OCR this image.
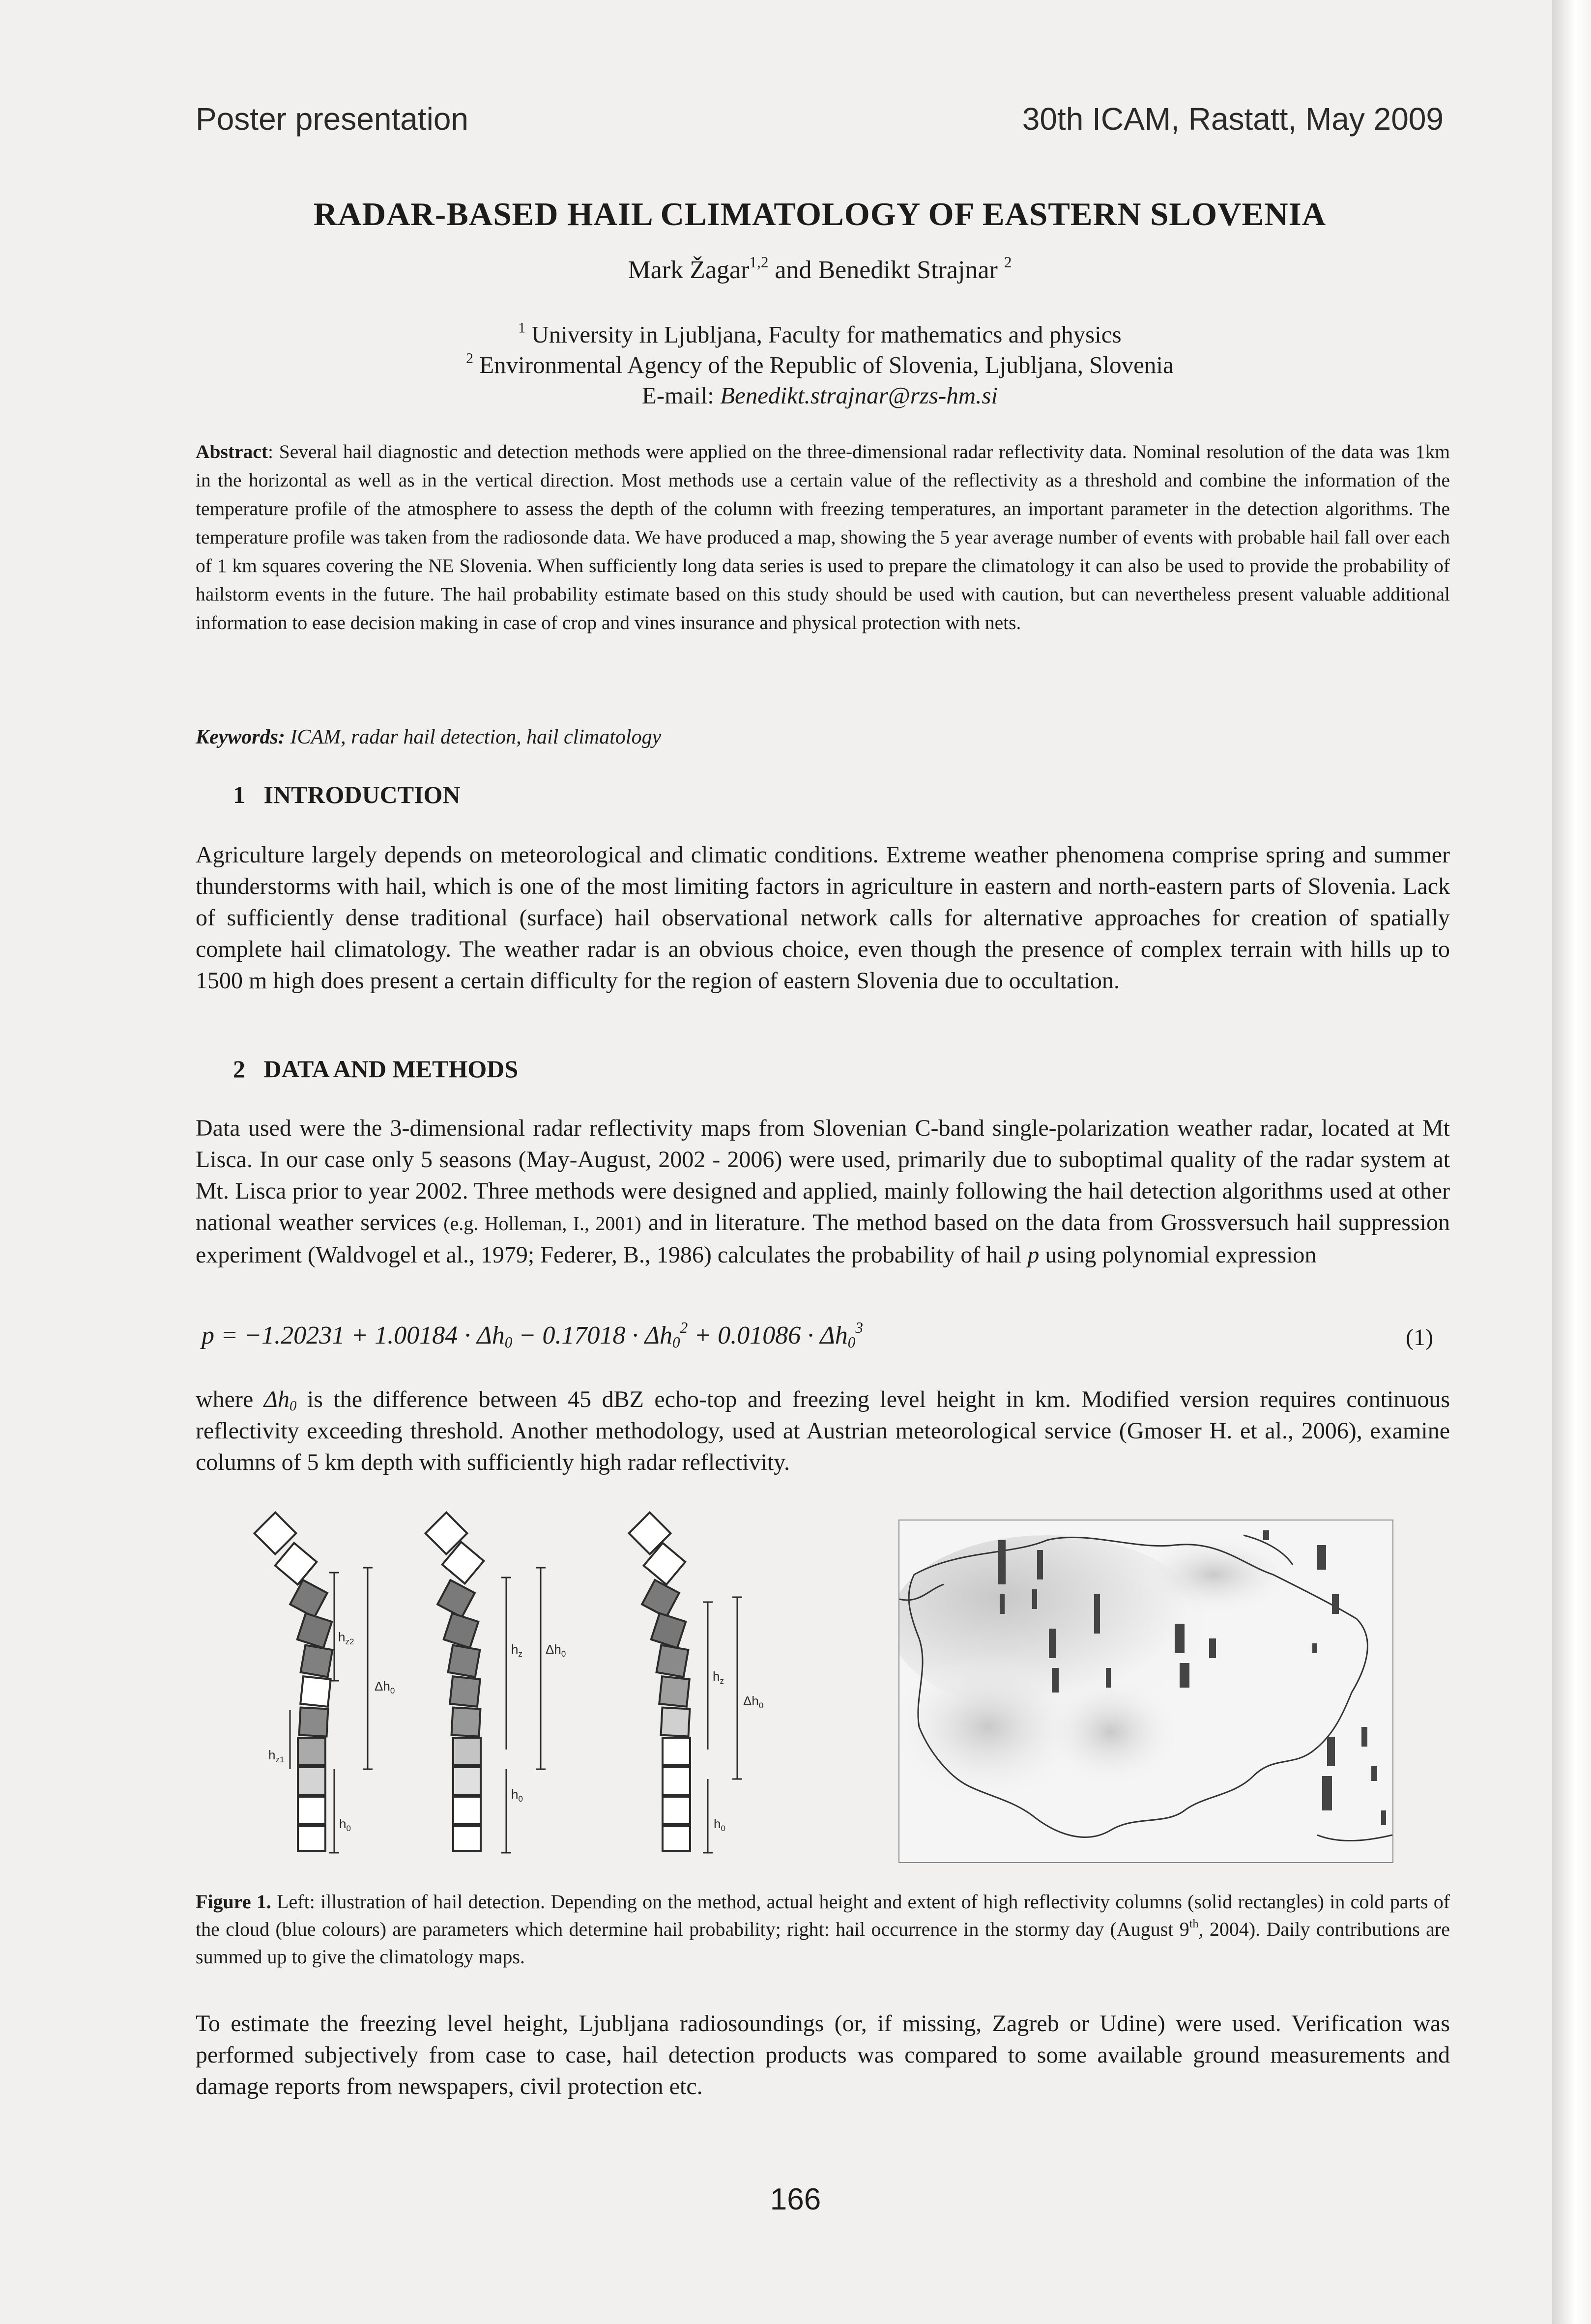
Poster presentation	30th ICAM, Rastatt, May 2009
RADAR-BASED HAIL CLIMATOLOGY OF EASTERN SLOVENIA
Mark Žagar$^{1,2}$ and Benedikt Strajnar $^2$
$^1$ University in Ljubljana, Faculty for mathematics and physics
$^2$ Environmental Agency of the Republic of Slovenia, Ljubljana, Slovenia
E-mail: Benedikt.strajnar@rzs-hm.si
Abstract: Several hail diagnostic and detection methods were applied on the three-dimensional radar reflectivity data. Nominal resolution of the data was 1km in the horizontal as well as in the vertical direction. Most methods use a certain value of the reflectivity as a threshold and combine the information of the temperature profile of the atmosphere to assess the depth of the column with freezing temperatures, an important parameter in the detection algorithms. The temperature profile was taken from the radiosonde data. We have produced a map, showing the 5 year average number of events with probable hail fall over each of 1 km squares covering the NE Slovenia. When sufficiently long data series is used to prepare the climatology it can also be used to provide the probability of hailstorm events in the future. The hail probability estimate based on this study should be used with caution, but can nevertheless present valuable additional information to ease decision making in case of crop and vines insurance and physical protection with nets.
Keywords: ICAM, radar hail detection, hail climatology
1 INTRODUCTION
Agriculture largely depends on meteorological and climatic conditions. Extreme weather phenomena comprise spring and summer thunderstorms with hail, which is one of the most limiting factors in agriculture in eastern and north-eastern parts of Slovenia. Lack of sufficiently dense traditional (surface) hail observational network calls for alternative approaches for creation of spatially complete hail climatology. The weather radar is an obvious choice, even though the presence of complex terrain with hills up to 1500 m high does present a certain difficulty for the region of eastern Slovenia due to occultation.
2 DATA AND METHODS
Data used were the 3-dimensional radar reflectivity maps from Slovenian C-band single-polarization weather radar, located at Mt Lisca. In our case only 5 seasons (May-August, 2002 - 2006) were used, primarily due to suboptimal quality of the radar system at Mt. Lisca prior to year 2002. Three methods were designed and applied, mainly following the hail detection algorithms used at other national weather services (e.g. Holleman, I., 2001) and in literature. The method based on the data from Grossversuch hail suppression experiment (Waldvogel et al., 1979; Federer, B., 1986) calculates the probability of hail p using polynomial expression
$p = -1.20231 + 1.00184 \cdot \Delta h_0 - 0.17018 \cdot \Delta h_0^2 + 0.01086 \cdot \Delta h_0^3$	(1)
where $\Delta h_0$ is the difference between 45 dBZ echo-top and freezing level height in km. Modified version requires continuous reflectivity exceeding threshold. Another methodology, used at Austrian meteorological service (Gmoser H. et al., 2006), examine columns of 5 km depth with sufficiently high radar reflectivity.
$h_{z2}$
$\Delta h_0$
$h_{z1}$
$h_0$
$h_z$ $\Delta h_0$
$h_0$
$h_z$
$\Delta h_0$
$h_0$
Figure 1. Left: illustration of hail detection. Depending on the method, actual height and extent of high reflectivity columns (solid rectangles) in cold parts of the cloud (blue colours) are parameters which determine hail probability; right: hail occurrence in the stormy day (August 9th, 2004). Daily contributions are summed up to give the climatology maps.
To estimate the freezing level height, Ljubljana radiosoundings (or, if missing, Zagreb or Udine) were used. Verification was performed subjectively from case to case, hail detection products was compared to some available ground measurements and damage reports from newspapers, civil protection etc.
166
